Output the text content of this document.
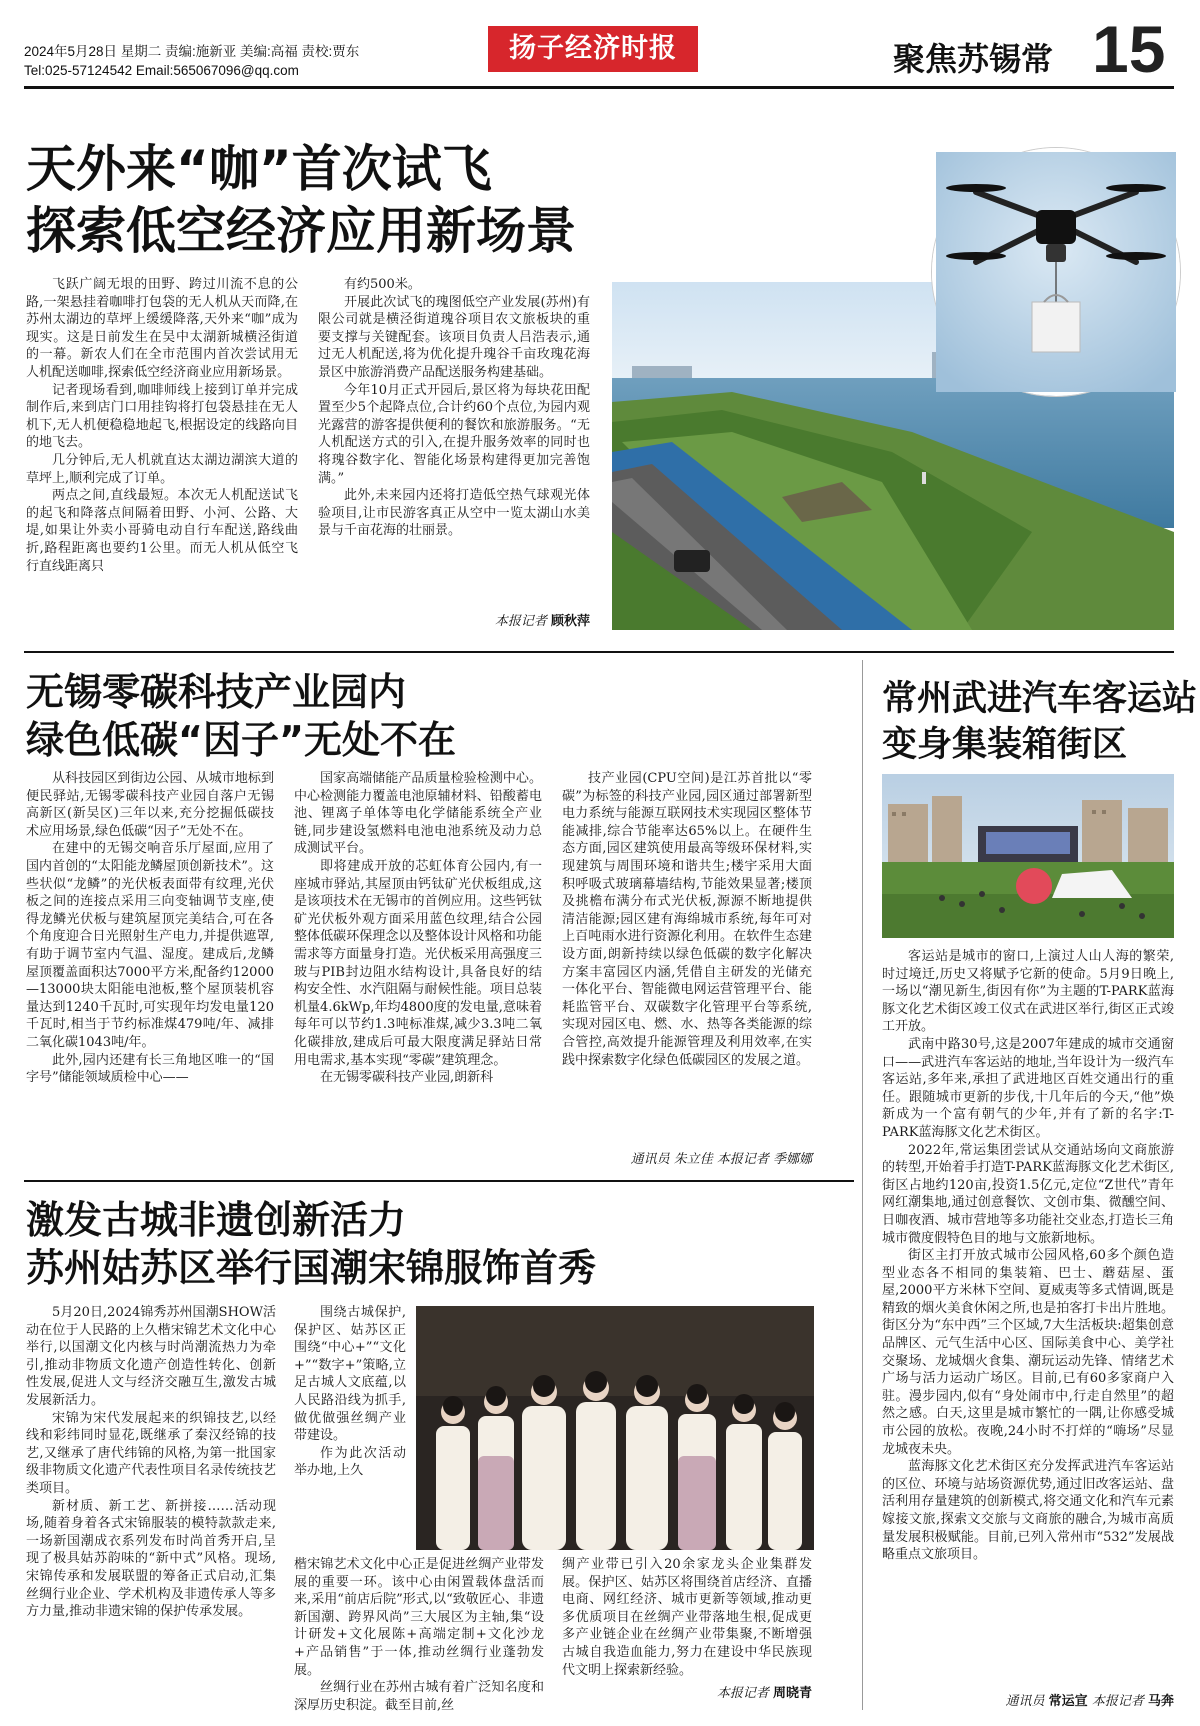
2024年5月28日 星期二 责编:施新亚 美编:高福 责校:贾东
Tel:025-57124542 Email:565067096@qq.com
扬子经济时报	聚焦苏锡常 15
天外来“咖”首次试飞
探索低空经济应用新场景

飞跃广阔无垠的田野、跨过川流不息的公路,一架悬挂着咖啡打包袋的无人机从天而降,在苏州太湖边的草坪上缓缓降落,天外来“咖”成为现实。这是日前发生在吴中太湖新城横泾街道的一幕。新农人们在全市范围内首次尝试用无人机配送咖啡,探索低空经济商业应用新场景。

记者现场看到,咖啡师线上接到订单并完成制作后,来到店门口用挂钩将打包袋悬挂在无人机下,无人机便稳稳地起飞,根据设定的线路向目的地飞去。

几分钟后,无人机就直达太湖边湖滨大道的草坪上,顺利完成了订单。

两点之间,直线最短。本次无人机配送试飞的起飞和降落点间隔着田野、小河、公路、大堤,如果让外卖小哥骑电动自行车配送,路线曲折,路程距离也要约1公里。而无人机从低空飞行直线距离只

有约500米。

开展此次试飞的瑰图低空产业发展(苏州)有限公司就是横泾街道瑰谷项目农文旅板块的重要支撑与关键配套。该项目负责人吕浩表示,通过无人机配送,将为优化提升瑰谷千亩玫瑰花海景区中旅游消费产品配送服务构建基础。

今年10月正式开园后,景区将为每块花田配置至少5个起降点位,合计约60个点位,为园内观光露营的游客提供便利的餐饮和旅游服务。“无人机配送方式的引入,在提升服务效率的同时也将瑰谷数字化、智能化场景构建得更加完善饱满。”

此外,未来园内还将打造低空热气球观光体验项目,让市民游客真正从空中一览太湖山水美景与千亩花海的壮丽景。

本报记者 顾秋萍
无锡零碳科技产业园内
绿色低碳“因子”无处不在

从科技园区到街边公园、从城市地标到便民驿站,无锡零碳科技产业园自落户无锡高新区(新吴区)三年以来,充分挖掘低碳技术应用场景,绿色低碳“因子”无处不在。

在建中的无锡交响音乐厅屋面,应用了国内首创的“太阳能龙鳞屋顶创新技术”。这些状似“龙鳞”的光伏板表面带有纹理,光伏板之间的连接点采用三向变轴调节支座,使得龙鳞光伏板与建筑屋顶完美结合,可在各个角度迎合日光照射生产电力,并提供遮罩,有助于调节室内气温、湿度。建成后,龙鳞屋顶覆盖面积达7000平方米,配备约12000—13000块太阳能电池板,整个屋顶装机容量达到1240千瓦时,可实现年均发电量120千瓦时,相当于节约标准煤479吨/年、减排二氧化碳1043吨/年。

此外,园内还建有长三角地区唯一的“国字号”储能领域质检中心——

国家高端储能产品质量检验检测中心。中心检测能力覆盖电池原辅材料、铅酸蓄电池、锂离子单体等电化学储能系统全产业链,同步建设氢燃料电池电池系统及动力总成测试平台。

即将建成开放的芯虹体育公园内,有一座城市驿站,其屋顶由钙钛矿光伏板组成,这是该项技术在无锡市的首例应用。这些钙钛矿光伏板外观方面采用蓝色纹理,结合公园整体低碳环保理念以及整体设计风格和功能需求等方面量身打造。光伏板采用高强度三玻与PIB封边阻水结构设计,具备良好的结构安全性、水汽阻隔与耐候性能。项目总装机量4.6kWp,年均4800度的发电量,意味着每年可以节约1.3吨标准煤,减少3.3吨二氧化碳排放,建成后可最大限度满足驿站日常用电需求,基本实现“零碳”建筑理念。

在无锡零碳科技产业园,朗新科

技产业园(CPU空间)是江苏首批以“零碳”为标签的科技产业园,园区通过部署新型电力系统与能源互联网技术实现园区整体节能减排,综合节能率达65%以上。在硬件生态方面,园区建筑使用最高等级环保材料,实现建筑与周围环境和谐共生;楼宇采用大面积呼吸式玻璃幕墙结构,节能效果显著;楼顶及挑檐布满分布式光伏板,源源不断地提供清洁能源;园区建有海绵城市系统,每年可对上百吨雨水进行资源化利用。在软件生态建设方面,朗新持续以绿色低碳的数字化解决方案丰富园区内涵,凭借自主研发的光储充一体化平台、智能微电网运营管理平台、能耗监管平台、双碳数字化管理平台等系统,实现对园区电、燃、水、热等各类能源的综合管控,高效提升能源管理及利用效率,在实践中探索数字化绿色低碳园区的发展之道。

通讯员 朱立佳 本报记者 季娜娜
常州武进汽车客运站
变身集装箱街区

客运站是城市的窗口,上演过人山人海的繁荣,时过境迁,历史又将赋予它新的使命。5月9日晚上,一场以“潮见新生,街因有你”为主题的T-PARK蓝海豚文化艺术街区竣工仪式在武进区举行,街区正式竣工开放。

武南中路30号,这是2007年建成的城市交通窗口——武进汽车客运站的地址,当年设计为一级汽车客运站,多年来,承担了武进地区百姓交通出行的重任。跟随城市更新的步伐,十几年后的今天,“他”焕新成为一个富有朝气的少年,并有了新的名字:T-PARK蓝海豚文化艺术街区。

2022年,常运集团尝试从交通站场向文商旅游的转型,开始着手打造T-PARK蓝海豚文化艺术街区,街区占地约120亩,投资1.5亿元,定位“Z世代”青年网红潮集地,通过创意餐饮、文创市集、微醺空间、日咖夜酒、城市营地等多功能社交业态,打造长三角城市微度假特色目的地与文旅新地标。

街区主打开放式城市公园风格,60多个颜色造型业态各不相同的集装箱、巴士、蘑菇屋、蛋屋,2000平方米林下空间、夏威夷等多式情调,既是精致的烟火美食休闲之所,也是拍客打卡出片胜地。街区分为“东中西”三个区域,7大生活板块:超集创意品牌区、元气生活中心区、国际美食中心、美学社交聚场、龙城烟火食集、潮玩运动先锋、情绪艺术广场与活力运动广场区。目前,已有60多家商户入驻。漫步园内,似有“身处闹市中,行走自然里”的超然之感。白天,这里是城市繁忙的一隅,让你感受城市公园的放松。夜晚,24小时不打烊的“嗨场”尽显龙城夜未央。

蓝海豚文化艺术街区充分发挥武进汽车客运站的区位、环境与站场资源优势,通过旧改客运站、盘活利用存量建筑的创新模式,将交通文化和汽车元素嫁接文旅,探索文交旅与文商旅的融合,为城市高质量发展积极赋能。目前,已列入常州市“532”发展战略重点文旅项目。

通讯员 常运宣 本报记者 马奔
激发古城非遗创新活力
苏州姑苏区举行国潮宋锦服饰首秀

5月20日,2024锦秀苏州国潮SHOW活动在位于人民路的上久楷宋锦艺术文化中心举行,以国潮文化内核与时尚潮流热力为牵引,推动非物质文化遗产创造性转化、创新性发展,促进人文与经济交融互生,激发古城发展新活力。

宋锦为宋代发展起来的织锦技艺,以经线和彩纬同时显花,既继承了秦汉经锦的技艺,又继承了唐代纬锦的风格,为第一批国家级非物质文化遗产代表性项目名录传统技艺类项目。

新材质、新工艺、新拼接……活动现场,随着身着各式宋锦服装的模特款款走来,一场新国潮成衣系列发布时尚首秀开启,呈现了极具姑苏韵味的“新中式”风格。现场,宋锦传承和发展联盟的筹备正式启动,汇集丝绸行业企业、学术机构及非遗传承人等多方力量,推动非遗宋锦的保护传承发展。

围绕古城保护,保护区、姑苏区正围绕“中心+”“文化+”“数字+”策略,立足古城人文底蕴,以人民路沿线为抓手,做优做强丝绸产业带建设。

作为此次活动举办地,上久

楷宋锦艺术文化中心正是促进丝绸产业带发展的重要一环。该中心由闲置载体盘活而来,采用“前店后院”形式,以“致敬匠心、非遗新国潮、跨界风尚”三大展区为主轴,集“设计研发+文化展陈+高端定制+文化沙龙+产品销售”于一体,推动丝绸行业蓬勃发展。

丝绸行业在苏州古城有着广泛知名度和深厚历史积淀。截至目前,丝

绸产业带已引入20余家龙头企业集群发展。保护区、姑苏区将围绕首店经济、直播电商、网红经济、城市更新等领域,推动更多优质项目在丝绸产业带落地生根,促成更多产业链企业在丝绸产业带集聚,不断增强古城自我造血能力,努力在建设中华民族现代文明上探索新经验。

本报记者 周晓青
